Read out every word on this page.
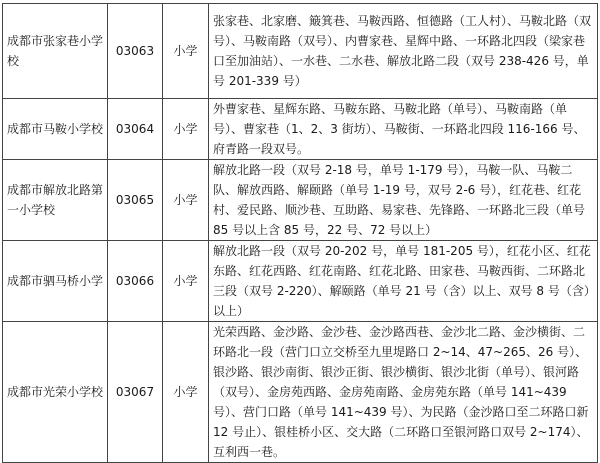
成都市张家巷小学校	03063	小学	张家巷、北家磨、簸箕巷、马鞍西路、恒德路（工人村）、马鞍北路（双号）、马鞍南路（双号）、内曹家巷、星辉中路、一环路北四段（梁家巷口至加油站）、一水巷、二水巷、解放北路二段（双号 238-426 号，单号 201-339 号）
成都市马鞍小学校	03064	小学	外曹家巷、星辉东路、马鞍东路、马鞍北路（单号）、马鞍南路（单号）、曹家巷（1、2、3 街坊）、马鞍街、一环路北四段 116-166 号、府青路一段双号。
成都市解放北路第一小学校	03065	小学	解放北路一段（双号 2-18 号，单号 1-179 号），马鞍一队、马鞍二队、解放西路、解颐路（单号 1-19 号，双号 2-6 号），红花巷、红花村、爱民路、顺沙巷、互助路、易家巷、先锋路、一环路北三段（单号 85 号以上含 85 号，22 号、72 号以上）
成都市驷马桥小学	03066	小学	解放北路一段（双号 20-202 号，单号 181-205 号），红花小区、红花东路、红花西路、红花南路、红花北路、田家巷、马鞍西街、二环路北三段（双号 2-220）、解颐路（单号 21 号（含）以上、双号 8 号（含）以上）
成都市光荣小学校	03067	小学	光荣西路、金沙路、金沙巷、金沙路西巷、金沙北二路、金沙横街、二环路北一段（营门口立交桥至九里堤路口 2~14、47~265、26 号）、银沙路、银沙南街、银沙正街、银沙横街、银沙北街（单号）、银河路（双号）、金房苑西路、金房苑南路、金房苑东路（单号 141~439 号）、营门口路（单号 141~439 号）、为民路（金沙路口至二环路口新 12 号止）、银桂桥小区、交大路（二环路口至银河路口双号 2~174）、互利西一巷。
